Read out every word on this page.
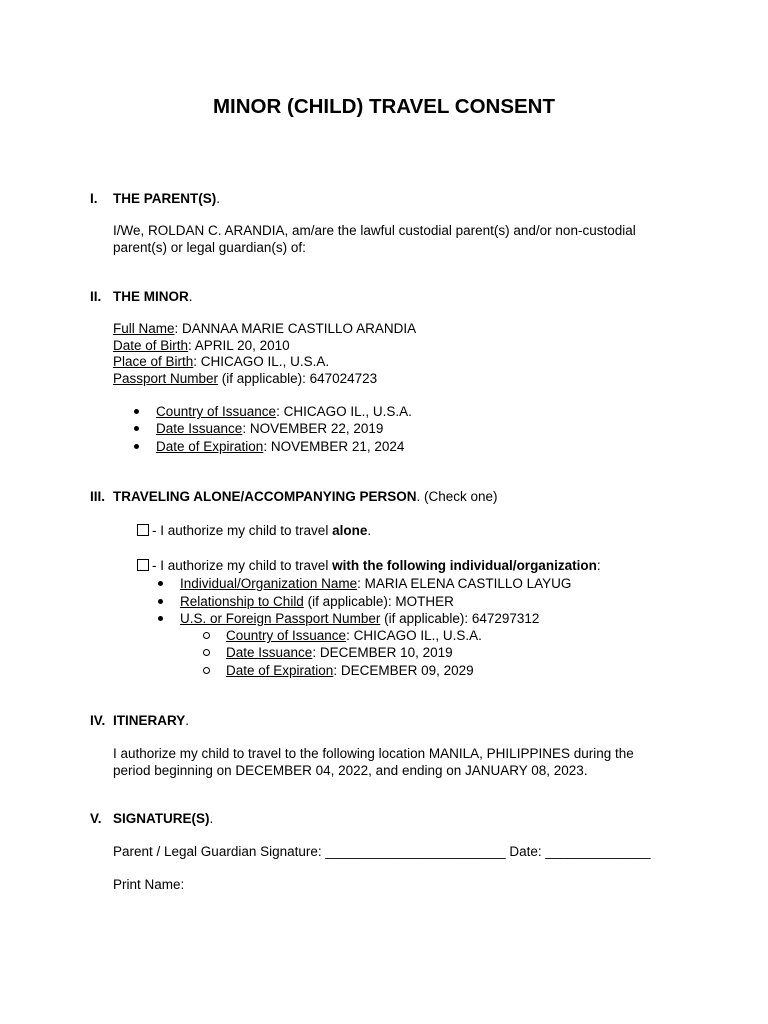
MINOR (CHILD) TRAVEL CONSENT
I. THE PARENT(S).
I/We, ROLDAN C. ARANDIA, am/are the lawful custodial parent(s) and/or non-custodial
parent(s) or legal guardian(s) of:
II. THE MINOR.
Full Name: DANNAA MARIE CASTILLO ARANDIA
Date of Birth: APRIL 20, 2010
Place of Birth: CHICAGO IL., U.S.A.
Passport Number (if applicable): 647024723
Country of Issuance: CHICAGO IL., U.S.A.
Date Issuance: NOVEMBER 22, 2019
Date of Expiration: NOVEMBER 21, 2024
III. TRAVELING ALONE/ACCOMPANYING PERSON. (Check one)
- I authorize my child to travel alone.
- I authorize my child to travel with the following individual/organization:
Individual/Organization Name: MARIA ELENA CASTILLO LAYUG
Relationship to Child (if applicable): MOTHER
U.S. or Foreign Passport Number (if applicable): 647297312
Country of Issuance: CHICAGO IL., U.S.A.
Date Issuance: DECEMBER 10, 2019
Date of Expiration: DECEMBER 09, 2029
IV. ITINERARY.
I authorize my child to travel to the following location MANILA, PHILIPPINES during the
period beginning on DECEMBER 04, 2022, and ending on JANUARY 08, 2023.
V. SIGNATURE(S).
Parent / Legal Guardian Signature: ________________________ Date: ______________
Print Name:
